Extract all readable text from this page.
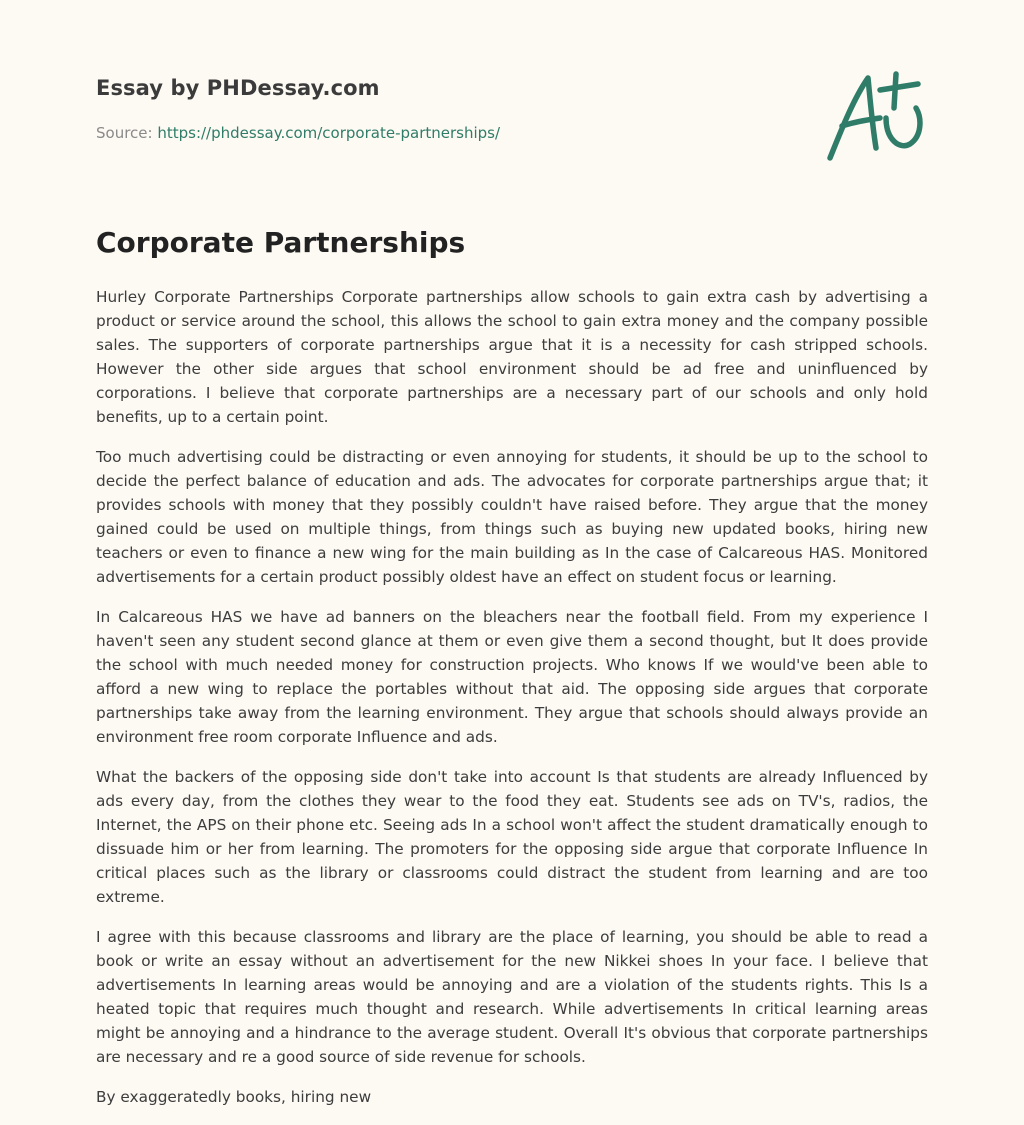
Essay by PHDessay.com
Source: https://phdessay.com/corporate-partnerships/
Corporate Partnerships

Hurley Corporate Partnerships Corporate partnerships allow schools to gain extra cash by advertising a product or service around the school, this allows the school to gain extra money and the company possible sales. The supporters of corporate partnerships argue that it is a necessity for cash stripped schools. However the other side argues that school environment should be ad free and uninfluenced by corporations. I believe that corporate partnerships are a necessary part of our schools and only hold benefits, up to a certain point.

Too much advertising could be distracting or even annoying for students, it should be up to the school to decide the perfect balance of education and ads. The advocates for corporate partnerships argue that; it provides schools with money that they possibly couldn't have raised before. They argue that the money gained could be used on multiple things, from things such as buying new updated books, hiring new teachers or even to finance a new wing for the main building as In the case of Calcareous HAS. Monitored advertisements for a certain product possibly oldest have an effect on student focus or learning.

In Calcareous HAS we have ad banners on the bleachers near the football field. From my experience I haven't seen any student second glance at them or even give them a second thought, but It does provide the school with much needed money for construction projects. Who knows If we would've been able to afford a new wing to replace the portables without that aid. The opposing side argues that corporate partnerships take away from the learning environment. They argue that schools should always provide an environment free room corporate Influence and ads.

What the backers of the opposing side don't take into account Is that students are already Influenced by ads every day, from the clothes they wear to the food they eat. Students see ads on TV's, radios, the Internet, the APS on their phone etc. Seeing ads In a school won't affect the student dramatically enough to dissuade him or her from learning. The promoters for the opposing side argue that corporate Influence In critical places such as the library or classrooms could distract the student from learning and are too extreme.

I agree with this because classrooms and library are the place of learning, you should be able to read a book or write an essay without an advertisement for the new Nikkei shoes In your face. I believe that advertisements In learning areas would be annoying and are a violation of the students rights. This Is a heated topic that requires much thought and research. While advertisements In critical learning areas might be annoying and a hindrance to the average student. Overall It's obvious that corporate partnerships are necessary and re a good source of side revenue for schools.

By exaggeratedly books, hiring new
